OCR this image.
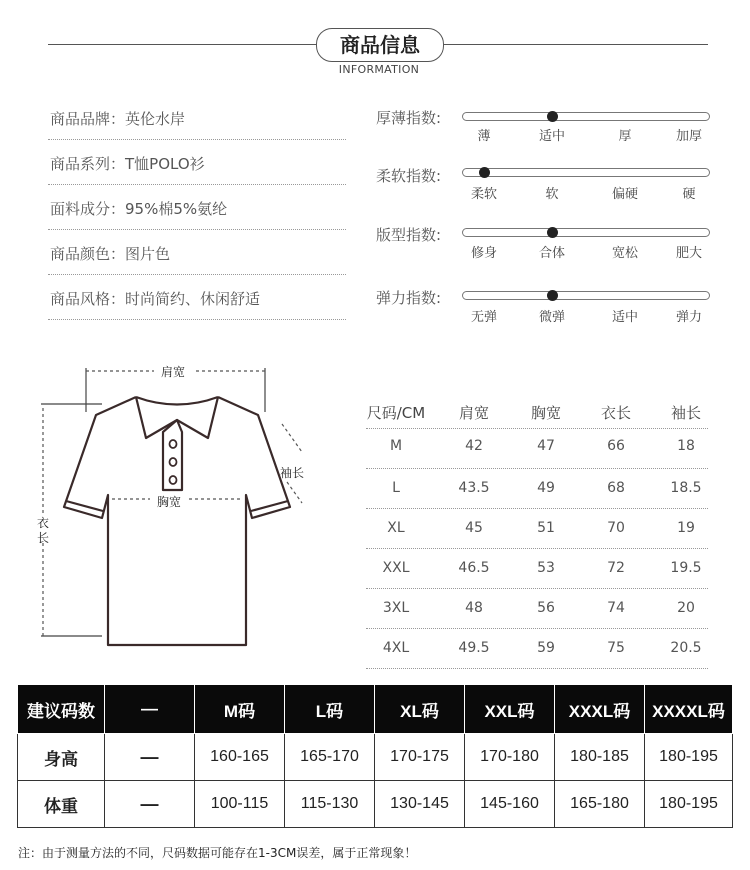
商品信息
INFORMATION
商品品牌：英伦水岸
商品系列：T恤POLO衫
面料成分：95%棉5%氨纶
商品颜色：图片色
商品风格：时尚简约、休闲舒适
厚薄指数:
薄	适中	厚	加厚
柔软指数:
柔软	软	偏硬	硬
版型指数:
修身	合体	宽松	肥大
弹力指数:
无弹	微弹	适中	弹力
肩宽
胸宽
袖长
衣
长
尺码/CM 肩宽	胸宽	衣长	袖长
M	42	47	66	18
L	43.5	49	68	18.5
XL	45	51	70	19
XXL	46.5	53	72	19.5
3XL	48	56	74	20
4XL	49.5	59	75	20.5
建议码数	—	M码	L码	XL码	XXL码	XXXL码	XXXXL码
身高	—	160-165	165-170	170-175	170-180	180-185	180-195
体重	—	100-115	115-130	130-145	145-160	165-180	180-195
注：由于测量方法的不同，尺码数据可能存在1-3CM误差，属于正常现象！
